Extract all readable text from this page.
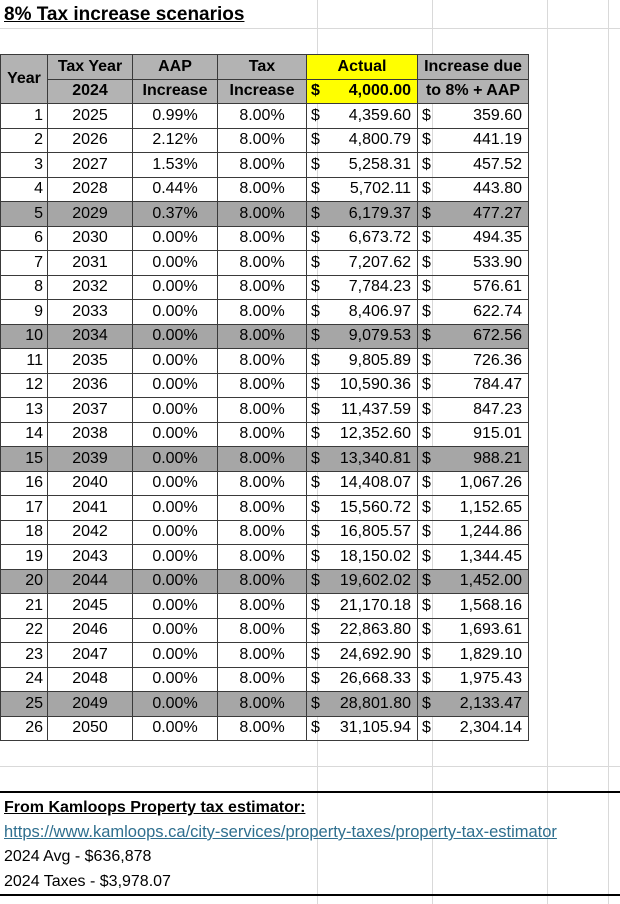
8% Tax increase scenarios
Year	Tax Year	AAP	Tax	Actual	Increase due
	2024	Increase	Increase	$ 4,000.00	to 8% + AAP
1	2025	0.99%	8.00%	$ 4,359.60	$ 359.60

2	2026	2.12%	8.00%	$ 4,800.79	$ 441.19

3	2027	1.53%	8.00%	$ 5,258.31	$ 457.52

4	2028	0.44%	8.00%	$ 5,702.11	$ 443.80

5	2029	0.37%	8.00%	$ 6,179.37	$ 477.27

6	2030	0.00%	8.00%	$ 6,673.72	$ 494.35

7	2031	0.00%	8.00%	$ 7,207.62	$ 533.90

8	2032	0.00%	8.00%	$ 7,784.23	$ 576.61

9	2033	0.00%	8.00%	$ 8,406.97	$ 622.74

10	2034	0.00%	8.00%	$ 9,079.53	$ 672.56

11	2035	0.00%	8.00%	$ 9,805.89	$ 726.36

12	2036	0.00%	8.00%	$ 10,590.36	$ 784.47

13	2037	0.00%	8.00%	$ 11,437.59	$ 847.23

14	2038	0.00%	8.00%	$ 12,352.60	$ 915.01

15	2039	0.00%	8.00%	$ 13,340.81	$ 988.21

16	2040	0.00%	8.00%	$ 14,408.07	$ 1,067.26

17	2041	0.00%	8.00%	$ 15,560.72	$ 1,152.65

18	2042	0.00%	8.00%	$ 16,805.57	$ 1,244.86

19	2043	0.00%	8.00%	$ 18,150.02	$ 1,344.45

20	2044	0.00%	8.00%	$ 19,602.02	$ 1,452.00

21	2045	0.00%	8.00%	$ 21,170.18	$ 1,568.16

22	2046	0.00%	8.00%	$ 22,863.80	$ 1,693.61

23	2047	0.00%	8.00%	$ 24,692.90	$ 1,829.10

24	2048	0.00%	8.00%	$ 26,668.33	$ 1,975.43

25	2049	0.00%	8.00%	$ 28,801.80	$ 2,133.47

26	2050	0.00%	8.00%	$ 31,105.94	$ 2,304.14
From Kamloops Property tax estimator:
https://www.kamloops.ca/city-services/property-taxes/property-tax-estimator
2024 Avg - $636,878
2024 Taxes - $3,978.07
